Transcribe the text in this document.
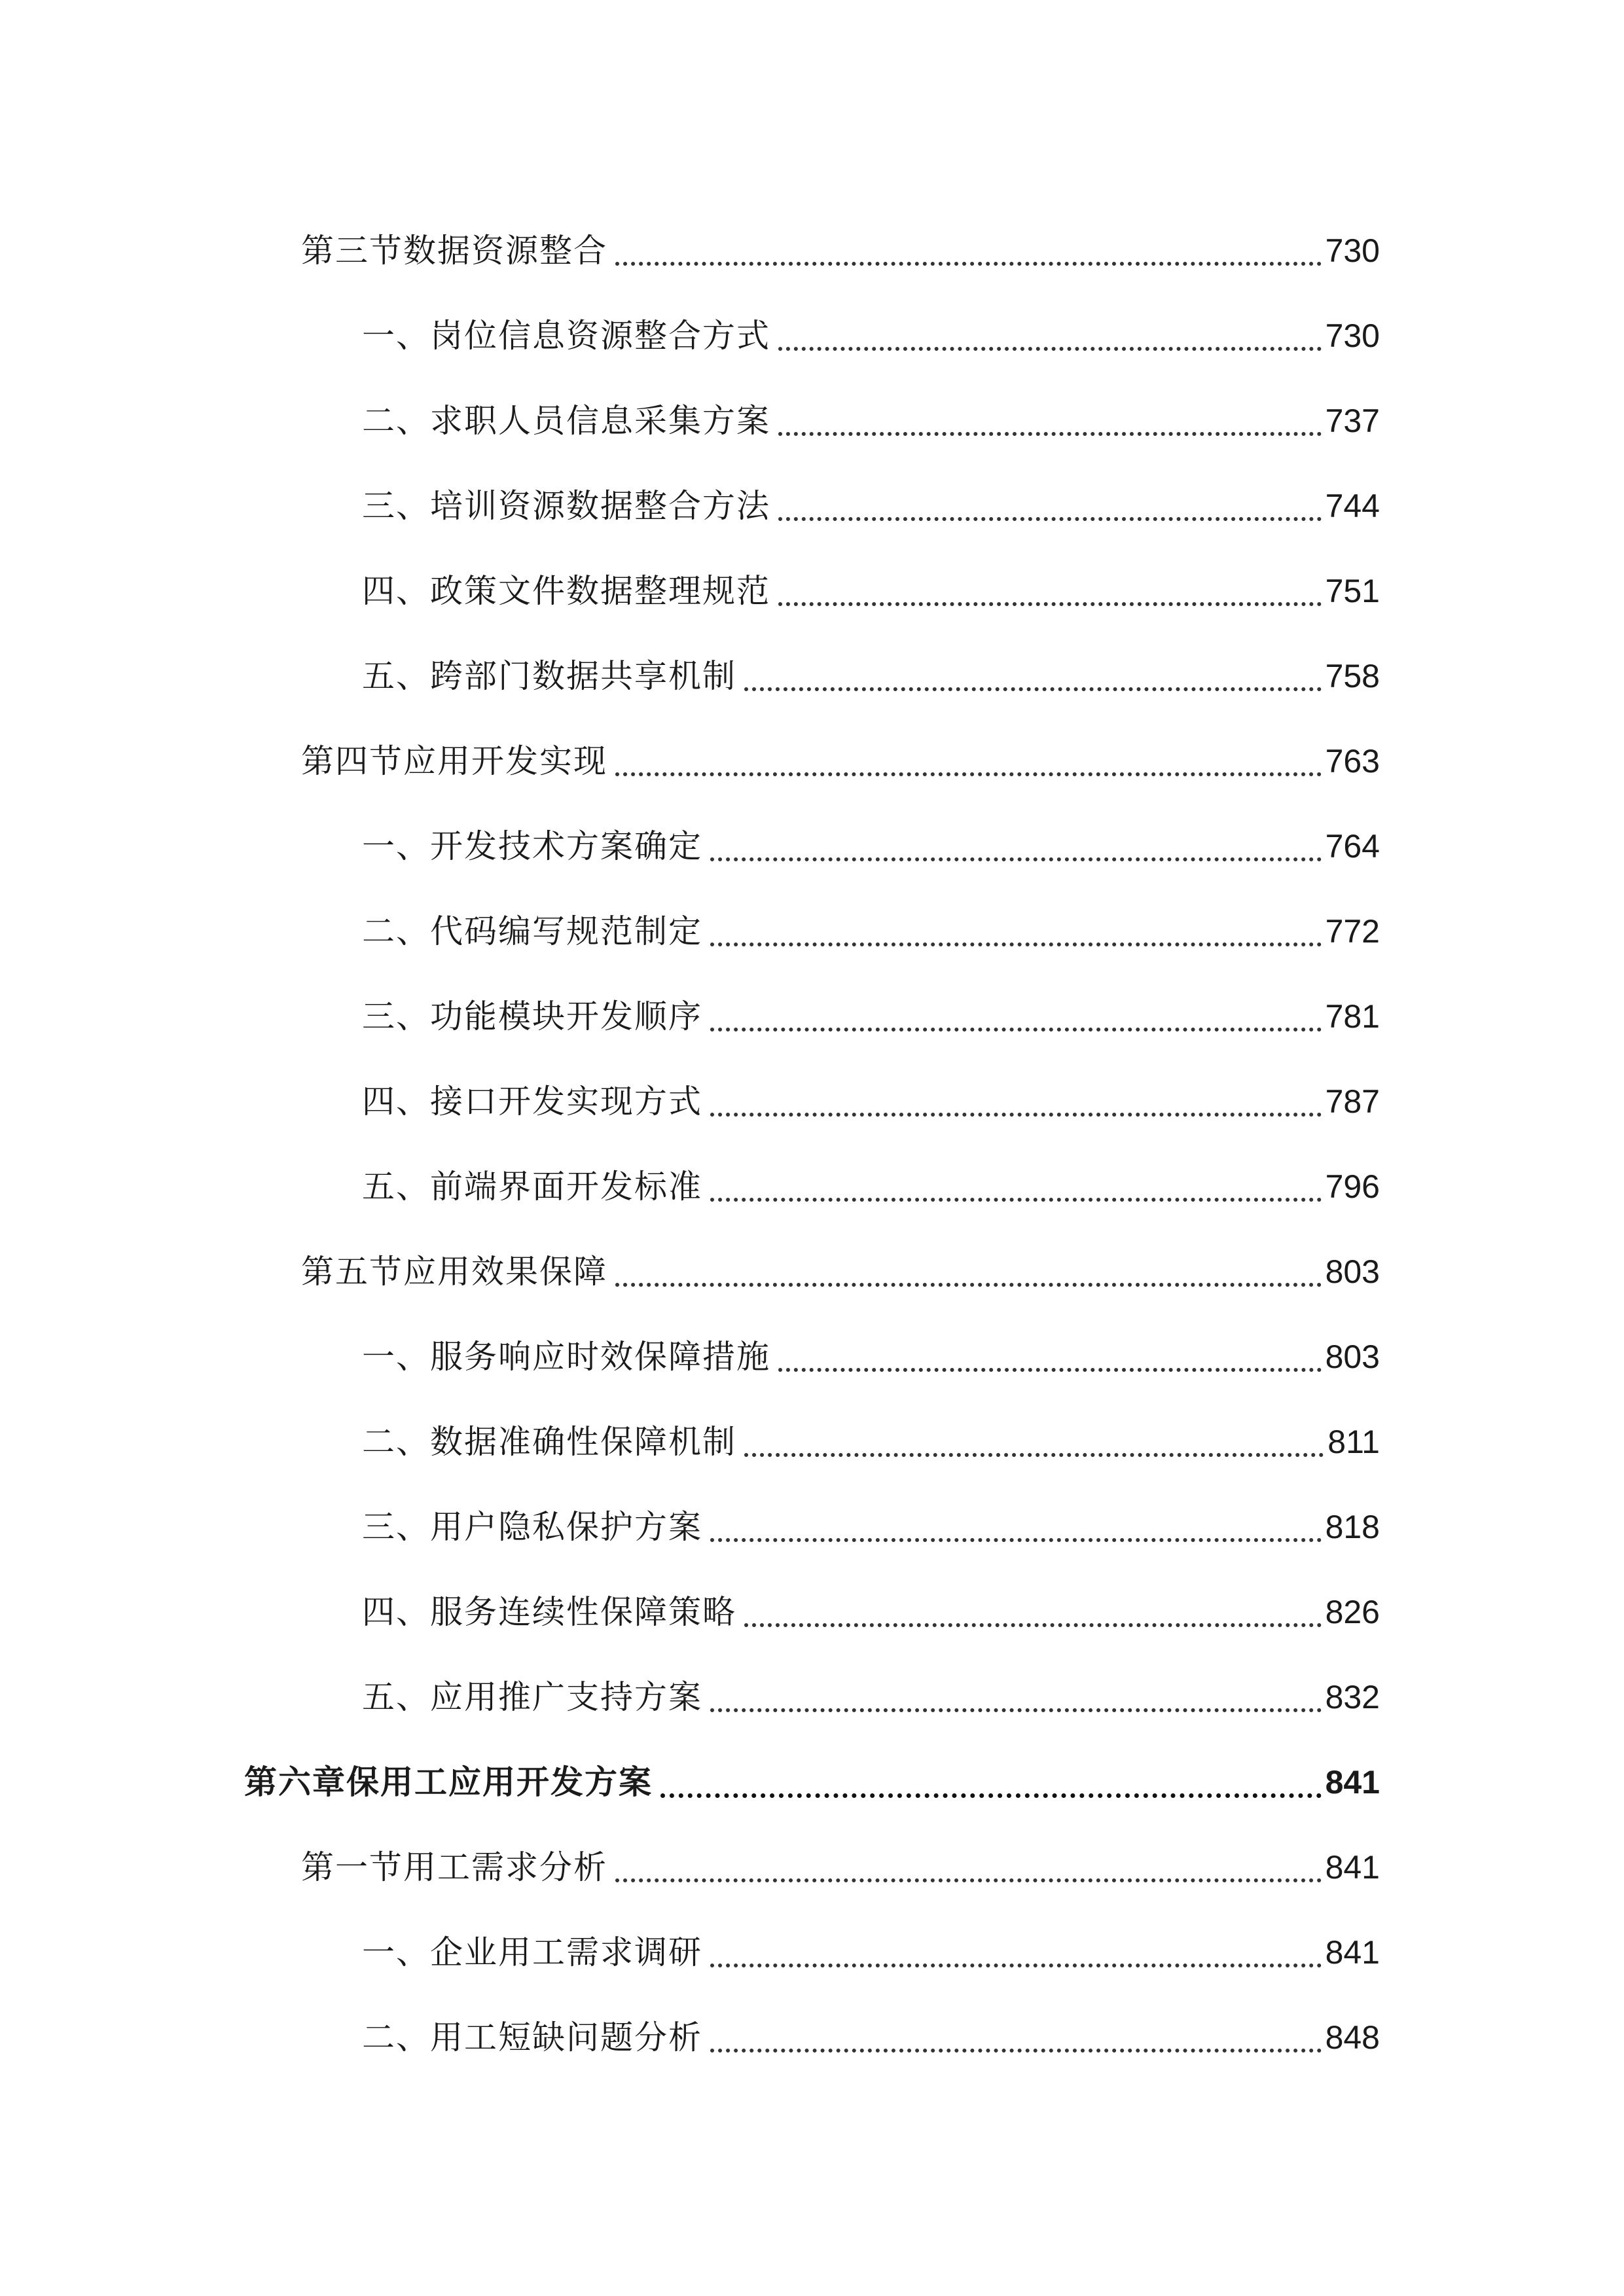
第三节数据资源整合	730
一、岗位信息资源整合方式	730
二、求职人员信息采集方案	737
三、培训资源数据整合方法	744
四、政策文件数据整理规范	751
五、跨部门数据共享机制	758
第四节应用开发实现	763
一、开发技术方案确定	764
二、代码编写规范制定	772
三、功能模块开发顺序	781
四、接口开发实现方式	787
五、前端界面开发标准	796
第五节应用效果保障	803
一、服务响应时效保障措施	803
二、数据准确性保障机制	811
三、用户隐私保护方案	818
四、服务连续性保障策略	826
五、应用推广支持方案	832
第六章保用工应用开发方案	841
第一节用工需求分析	841
一、企业用工需求调研	841
二、用工短缺问题分析	848
